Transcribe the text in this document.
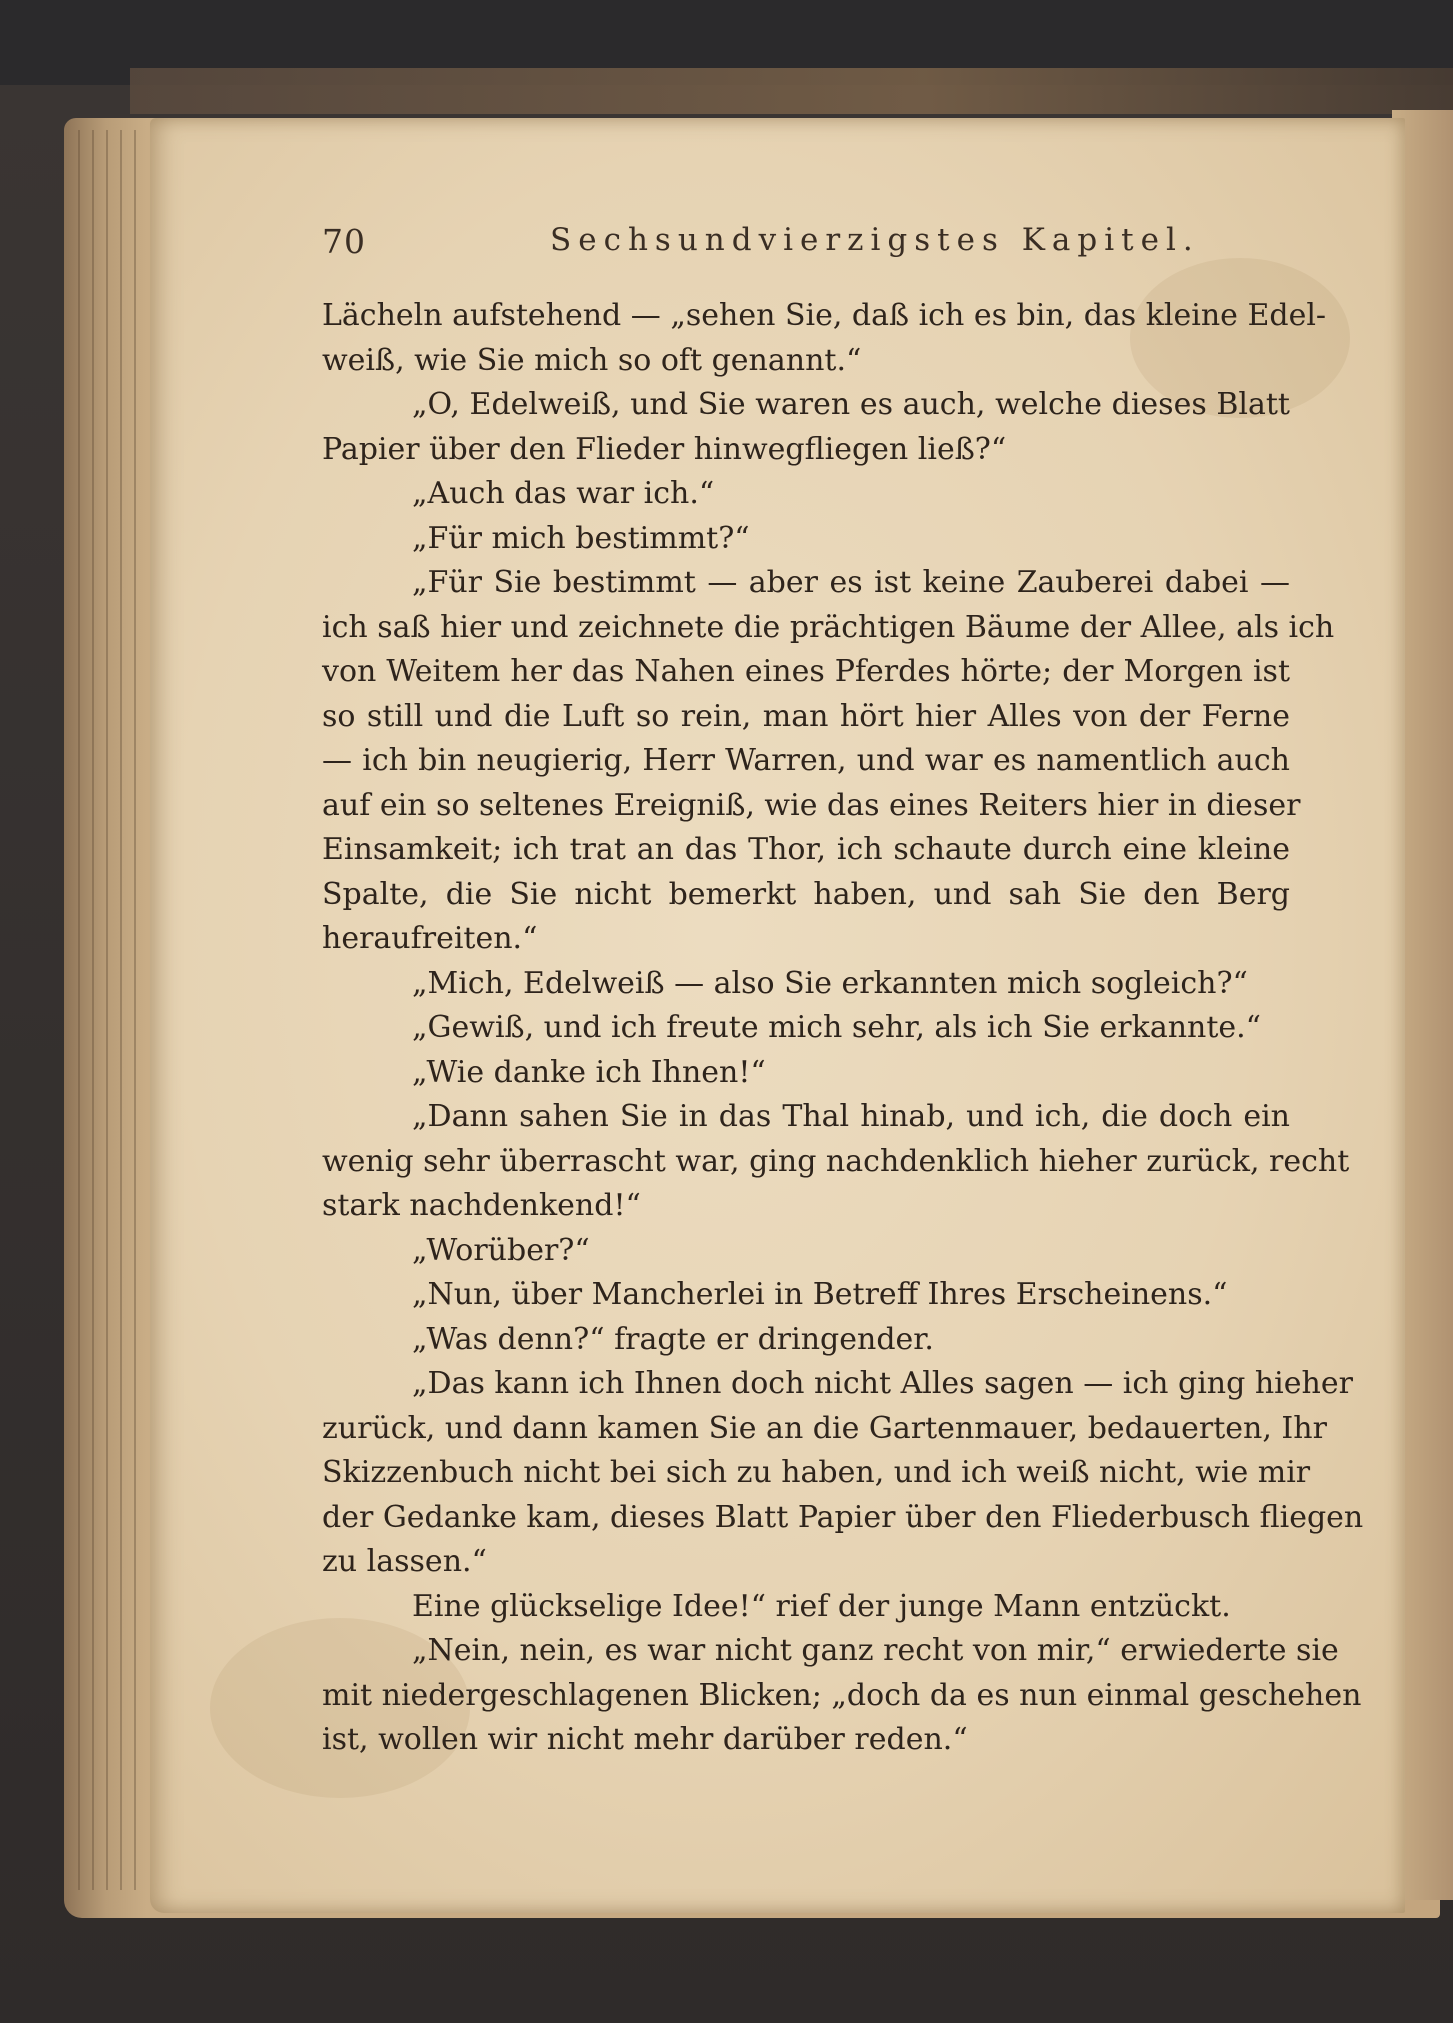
70	Sechsundvierzigstes Kapitel.
Lächeln aufstehend — „sehen Sie, daß ich es bin, das kleine Edel-
weiß, wie Sie mich so oft genannt.“
„O, Edelweiß, und Sie waren es auch, welche dieses Blatt
Papier über den Flieder hinwegfliegen ließ?“
„Auch das war ich.“
„Für mich bestimmt?“
„Für Sie bestimmt — aber es ist keine Zauberei dabei —
ich saß hier und zeichnete die prächtigen Bäume der Allee, als ich
von Weitem her das Nahen eines Pferdes hörte; der Morgen ist
so still und die Luft so rein, man hört hier Alles von der Ferne
— ich bin neugierig, Herr Warren, und war es namentlich auch
auf ein so seltenes Ereigniß, wie das eines Reiters hier in dieser
Einsamkeit; ich trat an das Thor, ich schaute durch eine kleine
Spalte, die Sie nicht bemerkt haben, und sah Sie den Berg
heraufreiten.“
„Mich, Edelweiß — also Sie erkannten mich sogleich?“
„Gewiß, und ich freute mich sehr, als ich Sie erkannte.“
„Wie danke ich Ihnen!“
„Dann sahen Sie in das Thal hinab, und ich, die doch ein
wenig sehr überrascht war, ging nachdenklich hieher zurück, recht
stark nachdenkend!“
„Worüber?“
„Nun, über Mancherlei in Betreff Ihres Erscheinens.“
„Was denn?“ fragte er dringender.
„Das kann ich Ihnen doch nicht Alles sagen — ich ging hieher
zurück, und dann kamen Sie an die Gartenmauer, bedauerten, Ihr
Skizzenbuch nicht bei sich zu haben, und ich weiß nicht, wie mir
der Gedanke kam, dieses Blatt Papier über den Fliederbusch fliegen
zu lassen.“
Eine glückselige Idee!“ rief der junge Mann entzückt.
„Nein, nein, es war nicht ganz recht von mir,“ erwiederte sie
mit niedergeschlagenen Blicken; „doch da es nun einmal geschehen
ist, wollen wir nicht mehr darüber reden.“
